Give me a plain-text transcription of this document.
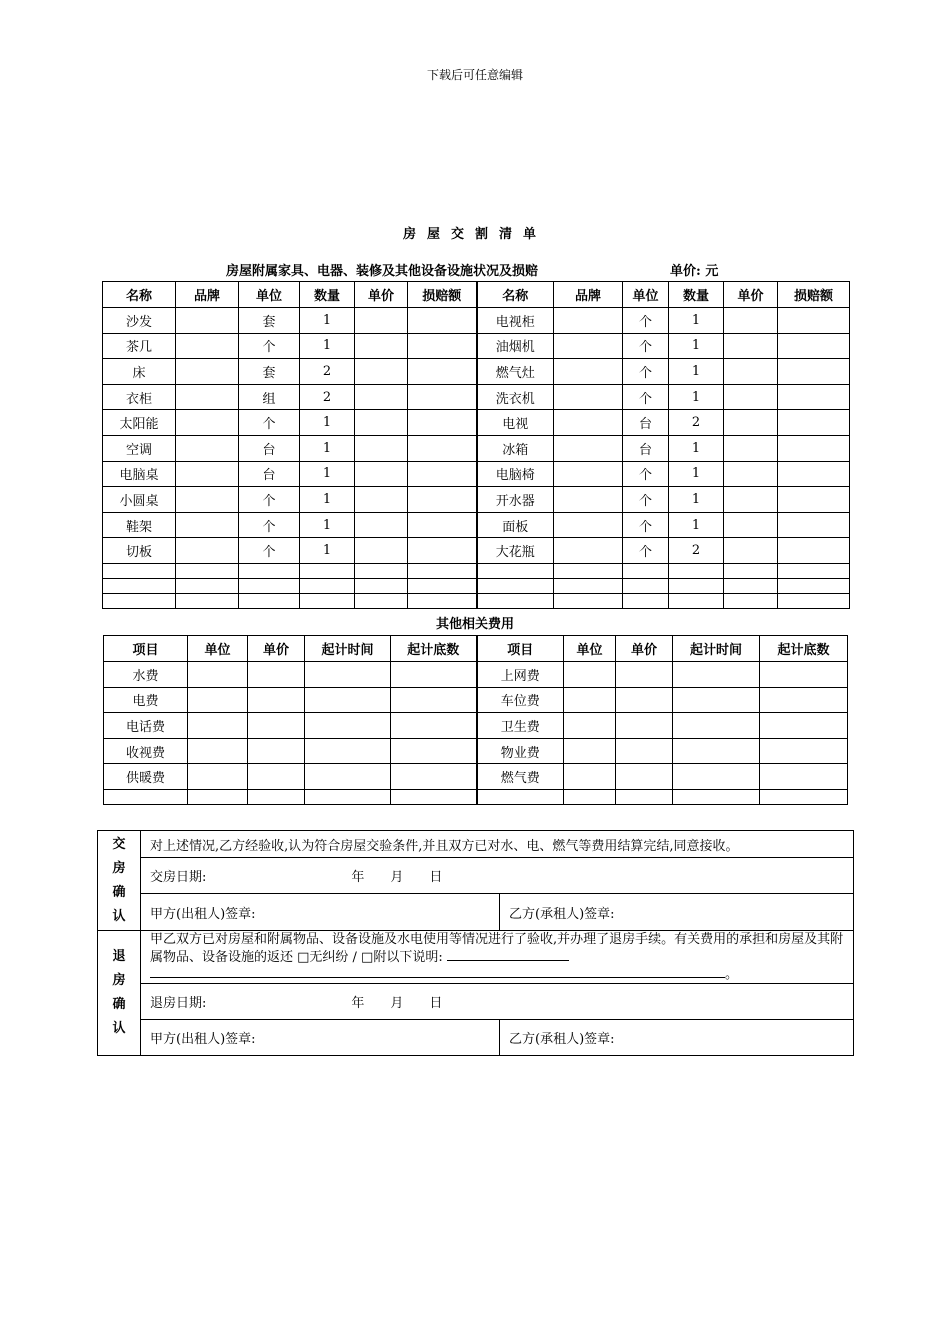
下载后可任意编辑
房屋交割清单
房屋附属家具、电器、装修及其他设备设施状况及损赔	单价: 元
名称	品牌	单位	数量	单价	损赔额	名称	品牌	单位	数量	单价	损赔额
沙发		套	1			电视柜		个	1		
茶几		个	1			油烟机		个	1		
床		套	2			燃气灶		个	1		
衣柜		组	2			洗衣机		个	1		
太阳能		个	1			电视		台	2		
空调		台	1			冰箱		台	1		
电脑桌		台	1			电脑椅		个	1		
小圆桌		个	1			开水器		个	1		
鞋架		个	1			面板		个	1		
切板		个	1			大花瓶		个	2		

其他相关费用
项目	单位	单价	起计时间	起计底数	项目	单位	单价	起计时间	起计底数
水费					上网费				
电费					车位费				
电话费					卫生费				
收视费					物业费				
供暖费					燃气费				

交
房
确
认	对上述情况,乙方经验收,认为符合房屋交验条件,并且双方已对水、电、燃气等费用结算完结,同意接收。	
	交房日期: 年　　月　　日	
	甲方(出租人)签章:	乙方(承租人)签章:

退
房
确
认	甲乙双方已对房屋和附属物品、设备设施及水电使用等情况进行了验收,并办理了退房手续。有关费用的承担和房屋及其附属物品、设备设施的返还 □无纠纷 / □附以下说明:
。	
	退房日期: 年　　月　　日	
	甲方(出租人)签章:	乙方(承租人)签章:
